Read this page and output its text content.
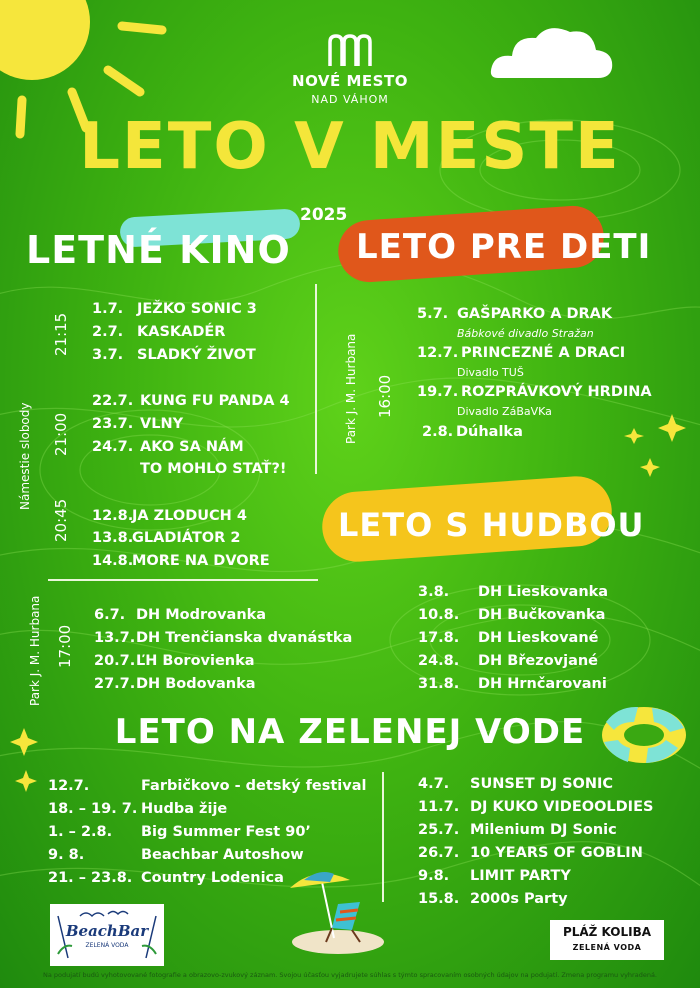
NOVÉ MESTO
NAD VÁHOM
LETO V MESTE
2025
LETNÉ KINO LETO PRE DETI
Námestie slobody
21:15
21:00
20:45
1.7. JEŽKO SONIC 3
2.7. KASKADÉR
3.7. SLADKÝ ŽIVOT
22.7. KUNG FU PANDA 4
23.7. VLNY
24.7. AKO SA NÁM
TO MOHLO STAŤ?!
12.8.JA ZLODUCH 4
13.8.GLADIÁTOR 2
14.8.MORE NA DVORE
Park J. M. Hurbana 16:00
5.7. GAŠPARKO A DRAK
Bábkové divadlo Stražan
12.7. PRINCEZNÉ A DRACI
Divadlo TUŠ
19.7. ROZPRÁVKOVÝ HRDINA
Divadlo ZáBaVKa
2.8. Dúhalka
LETO S HUDBOU
Park J. M. Hurbana 17:00
6.7. DH Modrovanka
13.7.DH Trenčianska dvanástka
20.7.ĽH Borovienka
27.7.DH Bodovanka
3.8. DH Lieskovanka
10.8. DH Bučkovanka
17.8. DH Lieskované
24.8. DH Březovjané
31.8. DH Hrnčarovani
LETO NA ZELENEJ VODE
12.7.	Farbičkovo - detský festival
18. – 19. 7. Hudba žije
1. – 2.8. Big Summer Fest 90’
9. 8.	Beachbar Autoshow
21. – 23.8. Country Lodenica
4.7. SUNSET DJ SONIC
11.7. DJ KUKO VIDEOOLDIES
25.7. Milenium DJ Sonic
26.7. 10 YEARS OF GOBLIN
9.8. LIMIT PARTY
15.8. 2000s Party
BeachBar
ZELENÁ VODA
PLÁŽ KOLIBA
ZELENÁ VODA
Na podujatí budú vyhotovované fotografie a obrazovo-zvukový záznam. Svojou účasťou vyjadrujete súhlas s týmto spracovaním osobných údajov na podujatí. Zmena programu vyhradená.
